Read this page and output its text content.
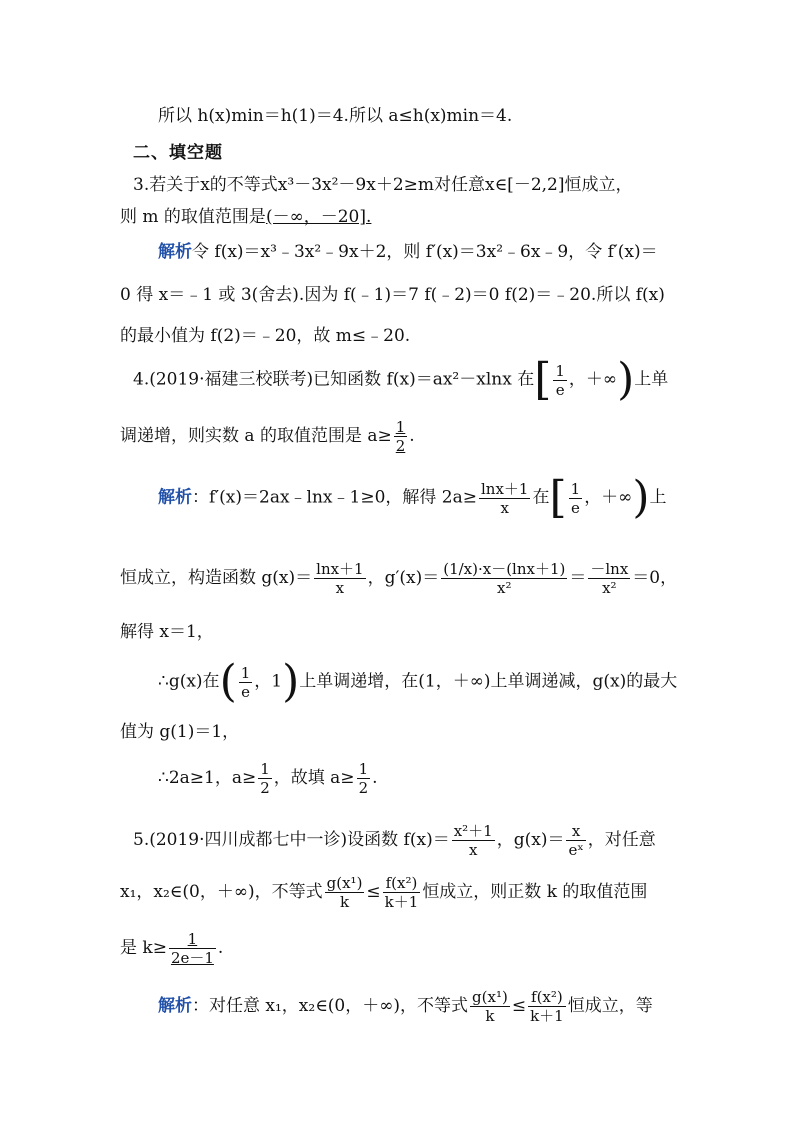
所以 h(x)min＝h(1)＝4.所以 a≤h(x)min＝4.
二、填空题
3.若关于x的不等式x³－3x²－9x＋2≥m对任意x∈[－2,2]恒成立，
则 m 的取值范围是(－∞，－20].
解析令 f(x)＝x³﹣3x²﹣9x＋2，则 f′(x)＝3x²﹣6x﹣9，令 f′(x)＝
0 得 x＝﹣1 或 3(舍去).因为 f(﹣1)＝7 f(﹣2)＝0 f(2)＝﹣20.所以 f(x)
的最小值为 f(2)＝﹣20，故 m≤﹣20.
4.(2019·福建三校联考)已知函数 f(x)＝ax²－xlnx 在[ $\frac{1}{e}$ ，＋∞)上单
调递增，则实数 a 的取值范围是 $a\ge \frac{1}{2}$ .
解析：f′(x)＝2ax﹣lnx﹣1≥0，解得 $2a\ge \frac{\ln x+1}{x}$ 在[ $\frac{1}{e}$ ，＋∞)上
恒成立，构造函数 $g(x)= \frac{\ln x+1}{x}$ ，$g'(x)= \frac{(1/x)\cdot x-(\ln x+1)}{\text{x²}} = \frac{-\ln x}{\text{x²}} =0$，
解得 x＝1，
∴g(x)在( $\frac{1}{e}$ ，1)上单调递增，在(1，＋∞)上单调递减，g(x)的最大
值为 g(1)＝1，
∴2a≥1，$a\ge \frac{1}{2}$ ，故填 $a\ge \frac{1}{2}$ .
5.(2019·四川成都七中一诊)设函数 $f(x)= \frac{\text{x²＋1}}{x}$ ，$g(x)= \frac{x}{\text{eˣ}}$ ，对任意
x₁，x₂∈(0，＋∞)，不等式 $\frac{\text{g(x¹)}}{k} \le \frac{\text{f(x²)}}{k+1}$ 恒成立，则正数 k 的取值范围
是 $k\ge \frac{1}{2e-1}$ .
解析：对任意 x₁，x₂∈(0，＋∞)，不等式 $\frac{\text{g(x¹)}}{k} \le \frac{\text{f(x²)}}{k+1}$ 恒成立，等
